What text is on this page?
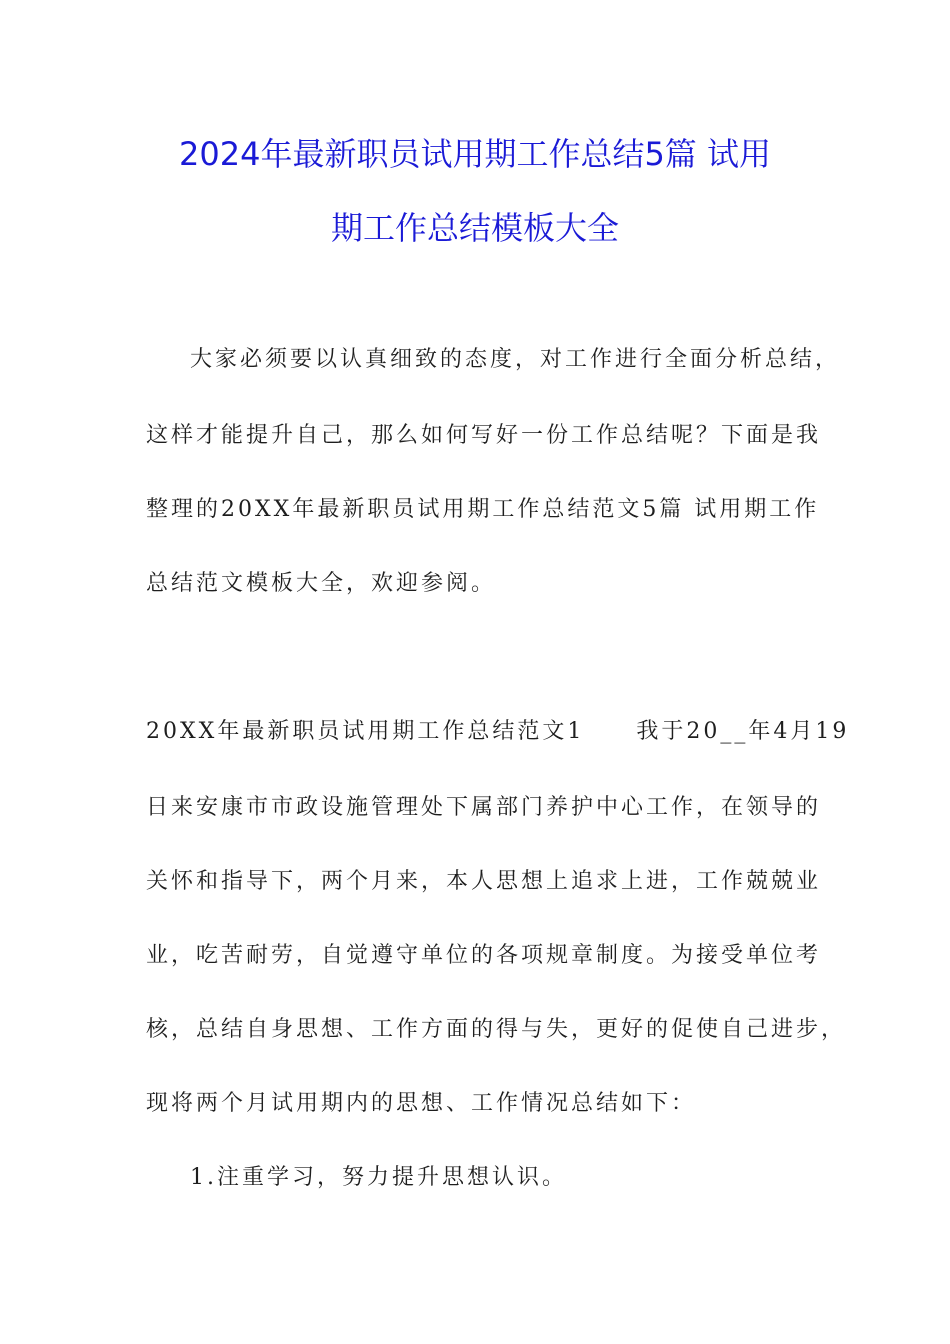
2024年最新职员试用期工作总结5篇 试用
期工作总结模板大全
大家必须要以认真细致的态度，对工作进行全面分析总结，
这样才能提升自己，那么如何写好一份工作总结呢？下面是我
整理的20XX年最新职员试用期工作总结范文5篇 试用期工作
总结范文模板大全，欢迎参阅。
20XX年最新职员试用期工作总结范文1 我于20__年4月19
日来安康市市政设施管理处下属部门养护中心工作，在领导的
关怀和指导下，两个月来，本人思想上追求上进，工作兢兢业
业，吃苦耐劳，自觉遵守单位的各项规章制度。为接受单位考
核，总结自身思想、工作方面的得与失，更好的促使自己进步，
现将两个月试用期内的思想、工作情况总结如下：
1.注重学习，努力提升思想认识。
